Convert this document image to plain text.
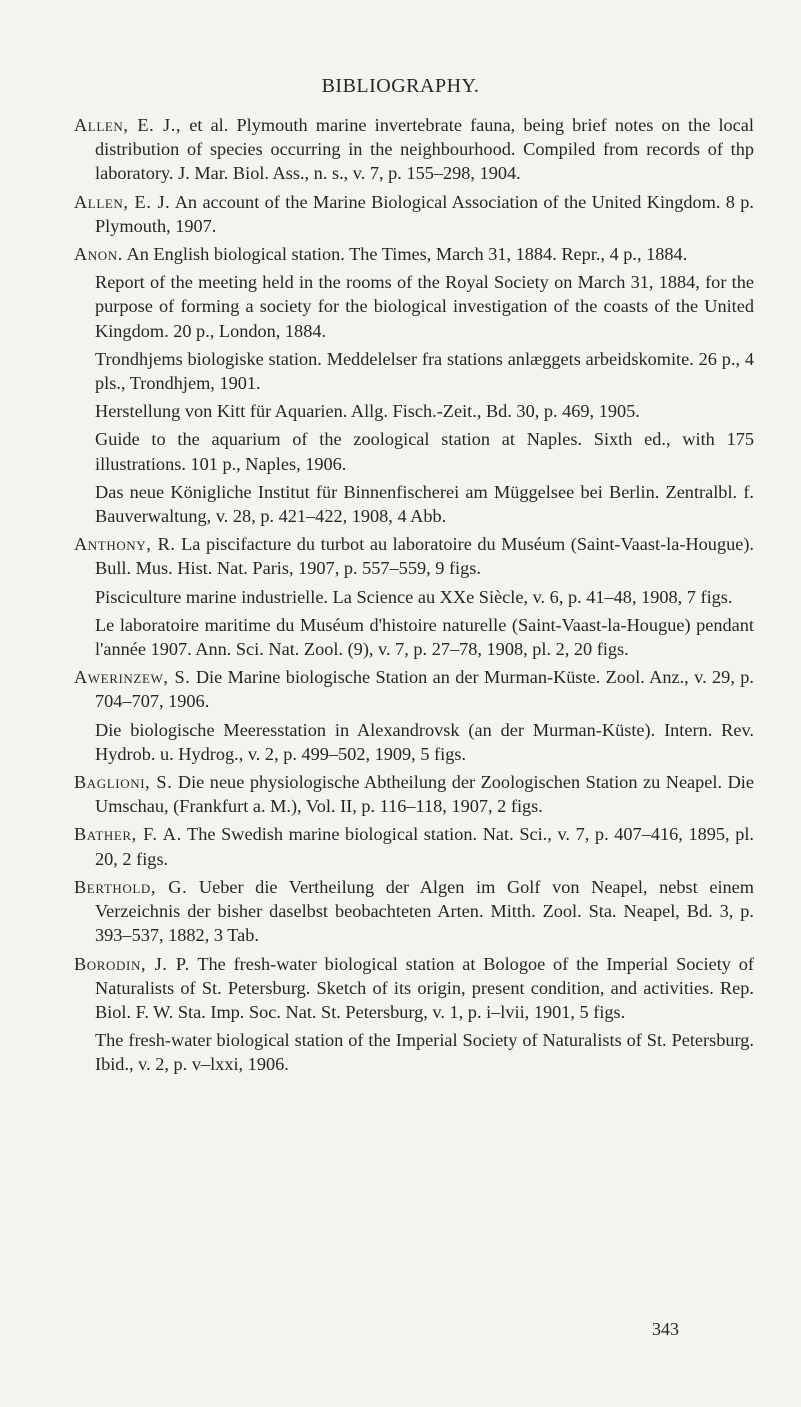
BIBLIOGRAPHY.

Allen, E. J., et al. Plymouth marine invertebrate fauna, being brief notes on the local distribution of species occurring in the neighbourhood. Compiled from records of thp laboratory. J. Mar. Biol. Ass., n. s., v. 7, p. 155–298, 1904.

Allen, E. J. An account of the Marine Biological Association of the United Kingdom. 8 p. Plymouth, 1907.

Anon. An English biological station. The Times, March 31, 1884. Repr., 4 p., 1884.

Report of the meeting held in the rooms of the Royal Society on March 31, 1884, for the purpose of forming a society for the biological investigation of the coasts of the United Kingdom. 20 p., London, 1884.

Trondhjems biologiske station. Meddelelser fra stations anlæggets arbeidskomite. 26 p., 4 pls., Trondhjem, 1901.

Herstellung von Kitt für Aquarien. Allg. Fisch.-Zeit., Bd. 30, p. 469, 1905.

Guide to the aquarium of the zoological station at Naples. Sixth ed., with 175 illustrations. 101 p., Naples, 1906.

Das neue Königliche Institut für Binnenfischerei am Müggelsee bei Berlin. Zentralbl. f. Bauverwaltung, v. 28, p. 421–422, 1908, 4 Abb.

Anthony, R. La piscifacture du turbot au laboratoire du Muséum (Saint-Vaast-la-Hougue). Bull. Mus. Hist. Nat. Paris, 1907, p. 557–559, 9 figs.

Pisciculture marine industrielle. La Science au XXe Siècle, v. 6, p. 41–48, 1908, 7 figs.

Le laboratoire maritime du Muséum d'histoire naturelle (Saint-Vaast-la-Hougue) pendant l'année 1907. Ann. Sci. Nat. Zool. (9), v. 7, p. 27–78, 1908, pl. 2, 20 figs.

Awerinzew, S. Die Marine biologische Station an der Murman-Küste. Zool. Anz., v. 29, p. 704–707, 1906.

Die biologische Meeresstation in Alexandrovsk (an der Murman-Küste). Intern. Rev. Hydrob. u. Hydrog., v. 2, p. 499–502, 1909, 5 figs.

Baglioni, S. Die neue physiologische Abtheilung der Zoologischen Station zu Neapel. Die Umschau, (Frankfurt a. M.), Vol. II, p. 116–118, 1907, 2 figs.

Bather, F. A. The Swedish marine biological station. Nat. Sci., v. 7, p. 407–416, 1895, pl. 20, 2 figs.

Berthold, G. Ueber die Vertheilung der Algen im Golf von Neapel, nebst einem Verzeichnis der bisher daselbst beobachteten Arten. Mitth. Zool. Sta. Neapel, Bd. 3, p. 393–537, 1882, 3 Tab.

Borodin, J. P. The fresh-water biological station at Bologoe of the Imperial Society of Naturalists of St. Petersburg. Sketch of its origin, present condition, and activities. Rep. Biol. F. W. Sta. Imp. Soc. Nat. St. Petersburg, v. 1, p. i–lvii, 1901, 5 figs.

The fresh-water biological station of the Imperial Society of Naturalists of St. Petersburg. Ibid., v. 2, p. v–lxxi, 1906.

343
